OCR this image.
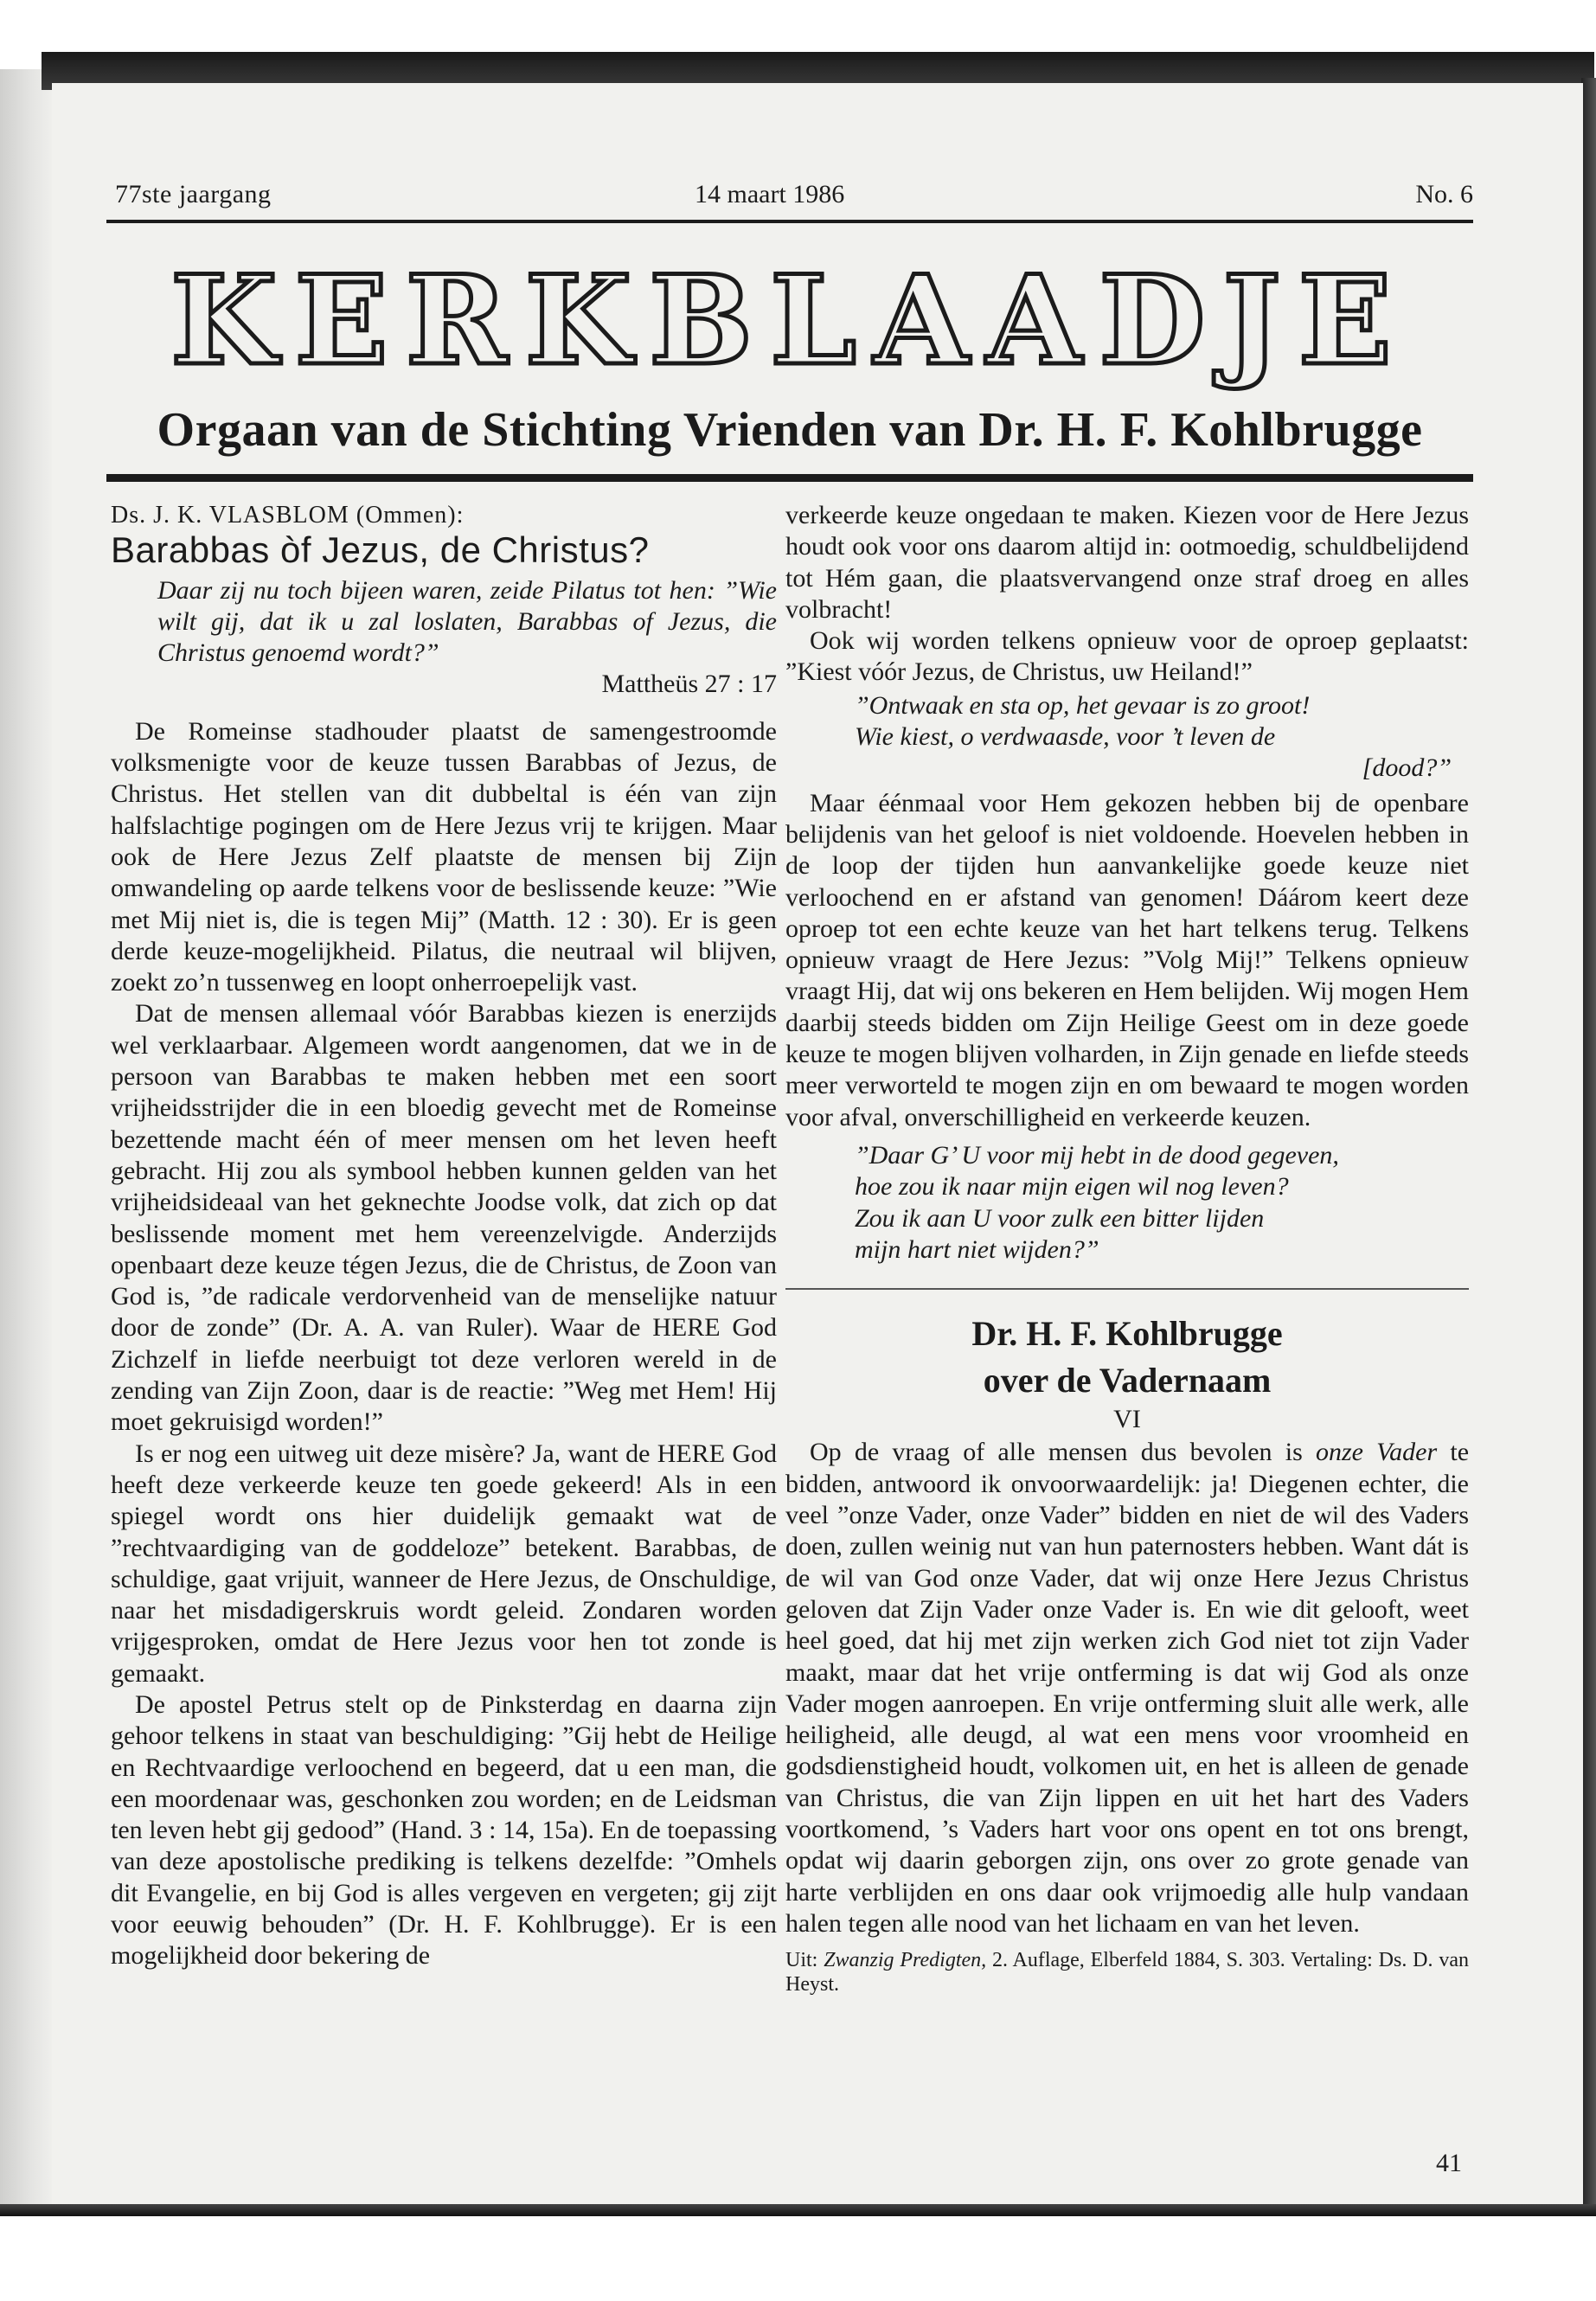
77ste jaargang	14 maart 1986	No. 6
KERKBLAADJE
Orgaan van de Stichting Vrienden van Dr. H. F. Kohlbrugge

Ds. J. K. VLASBLOM (Ommen):

Barabbas òf Jezus, de Christus?
Daar zij nu toch bijeen waren, zeide Pilatus tot hen: ”Wie wilt gij, dat ik u zal loslaten, Barabbas of Jezus, die Christus genoemd wordt?”
Mattheüs 27 : 17

De Romeinse stadhouder plaatst de samengestroomde volksmenigte voor de keuze tussen Barabbas of Jezus, de Christus. Het stellen van dit dubbeltal is één van zijn halfslachtige pogingen om de Here Jezus vrij te krijgen. Maar ook de Here Jezus Zelf plaatste de mensen bij Zijn omwandeling op aarde telkens voor de beslissende keuze: ”Wie met Mij niet is, die is tegen Mij” (Matth. 12 : 30). Er is geen derde keuze-mogelijkheid. Pilatus, die neutraal wil blijven, zoekt zo’n tussenweg en loopt onherroepelijk vast.

Dat de mensen allemaal vóór Barabbas kiezen is enerzijds wel verklaarbaar. Algemeen wordt aangenomen, dat we in de persoon van Barabbas te maken hebben met een soort vrijheidsstrijder die in een bloedig gevecht met de Romeinse bezettende macht één of meer mensen om het leven heeft gebracht. Hij zou als symbool hebben kunnen gelden van het vrijheidsideaal van het geknechte Joodse volk, dat zich op dat beslissende moment met hem vereenzelvigde. Anderzijds openbaart deze keuze tégen Jezus, die de Christus, de Zoon van God is, ”de radicale verdorvenheid van de menselijke natuur door de zonde” (Dr. A. A. van Ruler). Waar de HERE God Zichzelf in liefde neerbuigt tot deze verloren wereld in de zending van Zijn Zoon, daar is de reactie: ”Weg met Hem! Hij moet gekruisigd worden!”

Is er nog een uitweg uit deze misère? Ja, want de HERE God heeft deze verkeerde keuze ten goede gekeerd! Als in een spiegel wordt ons hier duidelijk gemaakt wat de ”rechtvaardiging van de goddeloze” betekent. Barabbas, de schuldige, gaat vrijuit, wanneer de Here Jezus, de Onschuldige, naar het misdadigerskruis wordt geleid. Zondaren worden vrijgesproken, omdat de Here Jezus voor hen tot zonde is gemaakt.

De apostel Petrus stelt op de Pinksterdag en daarna zijn gehoor telkens in staat van beschuldiging: ”Gij hebt de Heilige en Rechtvaardige verloochend en begeerd, dat u een man, die een moordenaar was, geschonken zou worden; en de Leidsman ten leven hebt gij gedood” (Hand. 3 : 14, 15a). En de toepassing van deze apostolische prediking is telkens dezelfde: ”Omhels dit Evangelie, en bij God is alles vergeven en vergeten; gij zijt voor eeuwig behouden” (Dr. H. F. Kohlbrugge). Er is een mogelijkheid door bekering de

verkeerde keuze ongedaan te maken. Kiezen voor de Here Jezus houdt ook voor ons daarom altijd in: ootmoedig, schuldbelijdend tot Hém gaan, die plaatsvervangend onze straf droeg en alles volbracht!

Ook wij worden telkens opnieuw voor de oproep geplaatst: ”Kiest vóór Jezus, de Christus, uw Heiland!”

”Ontwaak en sta op, het gevaar is zo groot!
Wie kiest, o verdwaasde, voor ’t leven de
[dood?”

Maar éénmaal voor Hem gekozen hebben bij de openbare belijdenis van het geloof is niet voldoende. Hoevelen hebben in de loop der tijden hun aanvankelijke goede keuze niet verloochend en er afstand van genomen! Dáárom keert deze oproep tot een echte keuze van het hart telkens terug. Telkens opnieuw vraagt de Here Jezus: ”Volg Mij!” Telkens opnieuw vraagt Hij, dat wij ons bekeren en Hem belijden. Wij mogen Hem daarbij steeds bidden om Zijn Heilige Geest om in deze goede keuze te mogen blijven volharden, in Zijn genade en liefde steeds meer verworteld te mogen zijn en om bewaard te mogen worden voor afval, onverschilligheid en verkeerde keuzen.

”Daar G’ U voor mij hebt in de dood gegeven,
hoe zou ik naar mijn eigen wil nog leven?
Zou ik aan U voor zulk een bitter lijden
mijn hart niet wijden?”
Dr. H. F. Kohlbrugge
over de Vadernaam
VI

Op de vraag of alle mensen dus bevolen is onze Vader te bidden, antwoord ik onvoorwaardelijk: ja! Diegenen echter, die veel ”onze Vader, onze Vader” bidden en niet de wil des Vaders doen, zullen weinig nut van hun paternosters hebben. Want dát is de wil van God onze Vader, dat wij onze Here Jezus Christus geloven dat Zijn Vader onze Vader is. En wie dit gelooft, weet heel goed, dat hij met zijn werken zich God niet tot zijn Vader maakt, maar dat het vrije ontferming is dat wij God als onze Vader mogen aanroepen. En vrije ontferming sluit alle werk, alle heiligheid, alle deugd, al wat een mens voor vroomheid en godsdienstigheid houdt, volkomen uit, en het is alleen de genade van Christus, die van Zijn lippen en uit het hart des Vaders voortkomend, ’s Vaders hart voor ons opent en tot ons brengt, opdat wij daarin geborgen zijn, ons over zo grote genade van harte verblijden en ons daar ook vrijmoedig alle hulp vandaan halen tegen alle nood van het lichaam en van het leven.

Uit: Zwanzig Predigten, 2. Auflage, Elberfeld 1884, S. 303. Vertaling: Ds. D. van Heyst.
41
